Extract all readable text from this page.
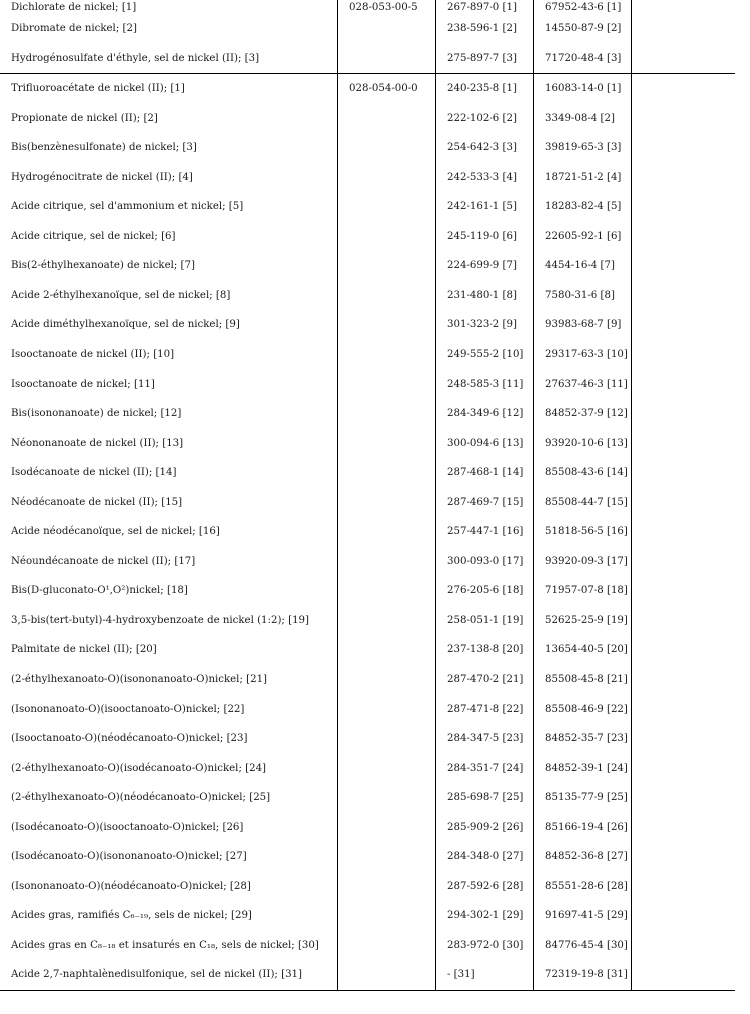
Dichlorate de nickel; [1]	028-053-00-5	267-897-0 [1]	67952-43-6 [1]	
Dibromate de nickel; [2]		238-596-1 [2]	14550-87-9 [2]	
Hydrogénosulfate d'éthyle, sel de nickel (II); [3]		275-897-7 [3]	71720-48-4 [3]	
Trifluoroacétate de nickel (II); [1]	028-054-00-0	240-235-8 [1]	16083-14-0 [1]	
Propionate de nickel (II); [2]		222-102-6 [2]	3349-08-4 [2]	
Bis(benzènesulfonate) de nickel; [3]		254-642-3 [3]	39819-65-3 [3]	
Hydrogénocitrate de nickel (II); [4]		242-533-3 [4]	18721-51-2 [4]	
Acide citrique, sel d'ammonium et nickel; [5]		242-161-1 [5]	18283-82-4 [5]	
Acide citrique, sel de nickel; [6]		245-119-0 [6]	22605-92-1 [6]	
Bis(2-éthylhexanoate) de nickel; [7]		224-699-9 [7]	4454-16-4 [7]	
Acide 2-éthylhexanoïque, sel de nickel; [8]		231-480-1 [8]	7580-31-6 [8]	
Acide diméthylhexanoïque, sel de nickel; [9]		301-323-2 [9]	93983-68-7 [9]	
Isooctanoate de nickel (II); [10]		249-555-2 [10]	29317-63-3 [10]	
Isooctanoate de nickel; [11]		248-585-3 [11]	27637-46-3 [11]	
Bis(isononanoate) de nickel; [12]		284-349-6 [12]	84852-37-9 [12]	
Néononanoate de nickel (II); [13]		300-094-6 [13]	93920-10-6 [13]	
Isodécanoate de nickel (II); [14]		287-468-1 [14]	85508-43-6 [14]	
Néodécanoate de nickel (II); [15]		287-469-7 [15]	85508-44-7 [15]	
Acide néodécanoïque, sel de nickel; [16]		257-447-1 [16]	51818-56-5 [16]	
Néoundécanoate de nickel (II); [17]		300-093-0 [17]	93920-09-3 [17]	
Bis(D-gluconato-O¹,O²)nickel; [18]		276-205-6 [18]	71957-07-8 [18]	
3,5-bis(tert-butyl)-4-hydroxybenzoate de nickel (1:2); [19]		258-051-1 [19]	52625-25-9 [19]	
Palmitate de nickel (II); [20]		237-138-8 [20]	13654-40-5 [20]	
(2-éthylhexanoato-O)(isononanoato-O)nickel; [21]		287-470-2 [21]	85508-45-8 [21]	
(Isononanoato-O)(isooctanoato-O)nickel; [22]		287-471-8 [22]	85508-46-9 [22]	
(Isooctanoato-O)(néodécanoato-O)nickel; [23]		284-347-5 [23]	84852-35-7 [23]	
(2-éthylhexanoato-O)(isodécanoato-O)nickel; [24]		284-351-7 [24]	84852-39-1 [24]	
(2-éthylhexanoato-O)(néodécanoato-O)nickel; [25]		285-698-7 [25]	85135-77-9 [25]	
(Isodécanoato-O)(isooctanoato-O)nickel; [26]		285-909-2 [26]	85166-19-4 [26]	
(Isodécanoato-O)(isononanoato-O)nickel; [27]		284-348-0 [27]	84852-36-8 [27]	
(Isononanoato-O)(néodécanoato-O)nickel; [28]		287-592-6 [28]	85551-28-6 [28]	
Acides gras, ramifiés C₆₋₁₉, sels de nickel; [29]		294-302-1 [29]	91697-41-5 [29]	
Acides gras en C₈₋₁₈ et insaturés en C₁₈, sels de nickel; [30]		283-972-0 [30]	84776-45-4 [30]	
Acide 2,7-naphtalènedisulfonique, sel de nickel (II); [31]		- [31]	72319-19-8 [31]	
